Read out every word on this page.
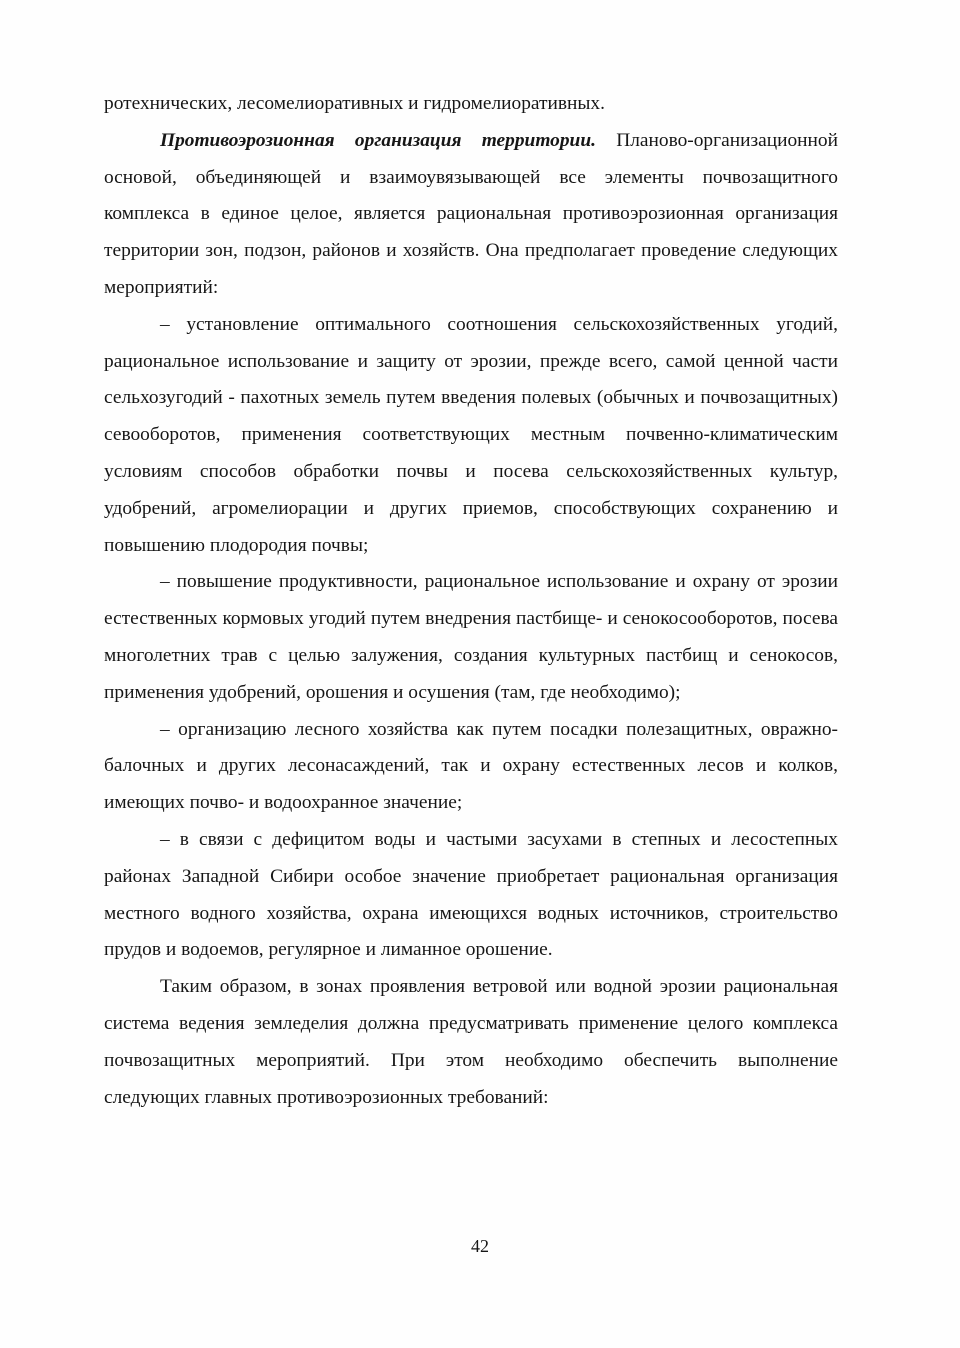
ротехнических, лесомелиоративных и гидромелиоративных.

Противоэрозионная организация территории. Планово-организационной основой, объединяющей и взаимоувязывающей все элементы почвозащитного комплекса в единое целое, является рациональная противоэрозионная организация территории зон, подзон, районов и хозяйств. Она предполагает проведение следующих мероприятий:

– установление оптимального соотношения сельскохозяйственных угодий, рациональное использование и защиту от эрозии, прежде всего, самой ценной части сельхозугодий - пахотных земель путем введения полевых (обычных и почвозащитных) севооборотов, применения соответствующих местным почвенно-климатическим условиям способов обработки почвы и посева сельскохозяйственных культур, удобрений, агромелиорации и других приемов, способствующих сохранению и повышению плодородия почвы;

– повышение продуктивности, рациональное использование и охрану от эрозии естественных кормовых угодий путем внедрения пастбище- и сенокосооборотов, посева многолетних трав с целью залужения, создания культурных пастбищ и сенокосов, применения удобрений, орошения и осушения (там, где необходимо);

– организацию лесного хозяйства как путем посадки полезащитных, овражно-балочных и других лесонасаждений, так и охрану естественных лесов и колков, имеющих почво- и водоохранное значение;

– в связи с дефицитом воды и частыми засухами в степных и лесостепных районах Западной Сибири особое значение приобретает рациональная организация местного водного хозяйства, охрана имеющихся водных источников, строительство прудов и водоемов, регулярное и лиманное орошение.

Таким образом, в зонах проявления ветровой или водной эрозии рациональная система ведения земледелия должна предусматривать применение целого комплекса почвозащитных мероприятий. При этом необходимо обеспечить выполнение следующих главных противоэрозионных требований:

42
